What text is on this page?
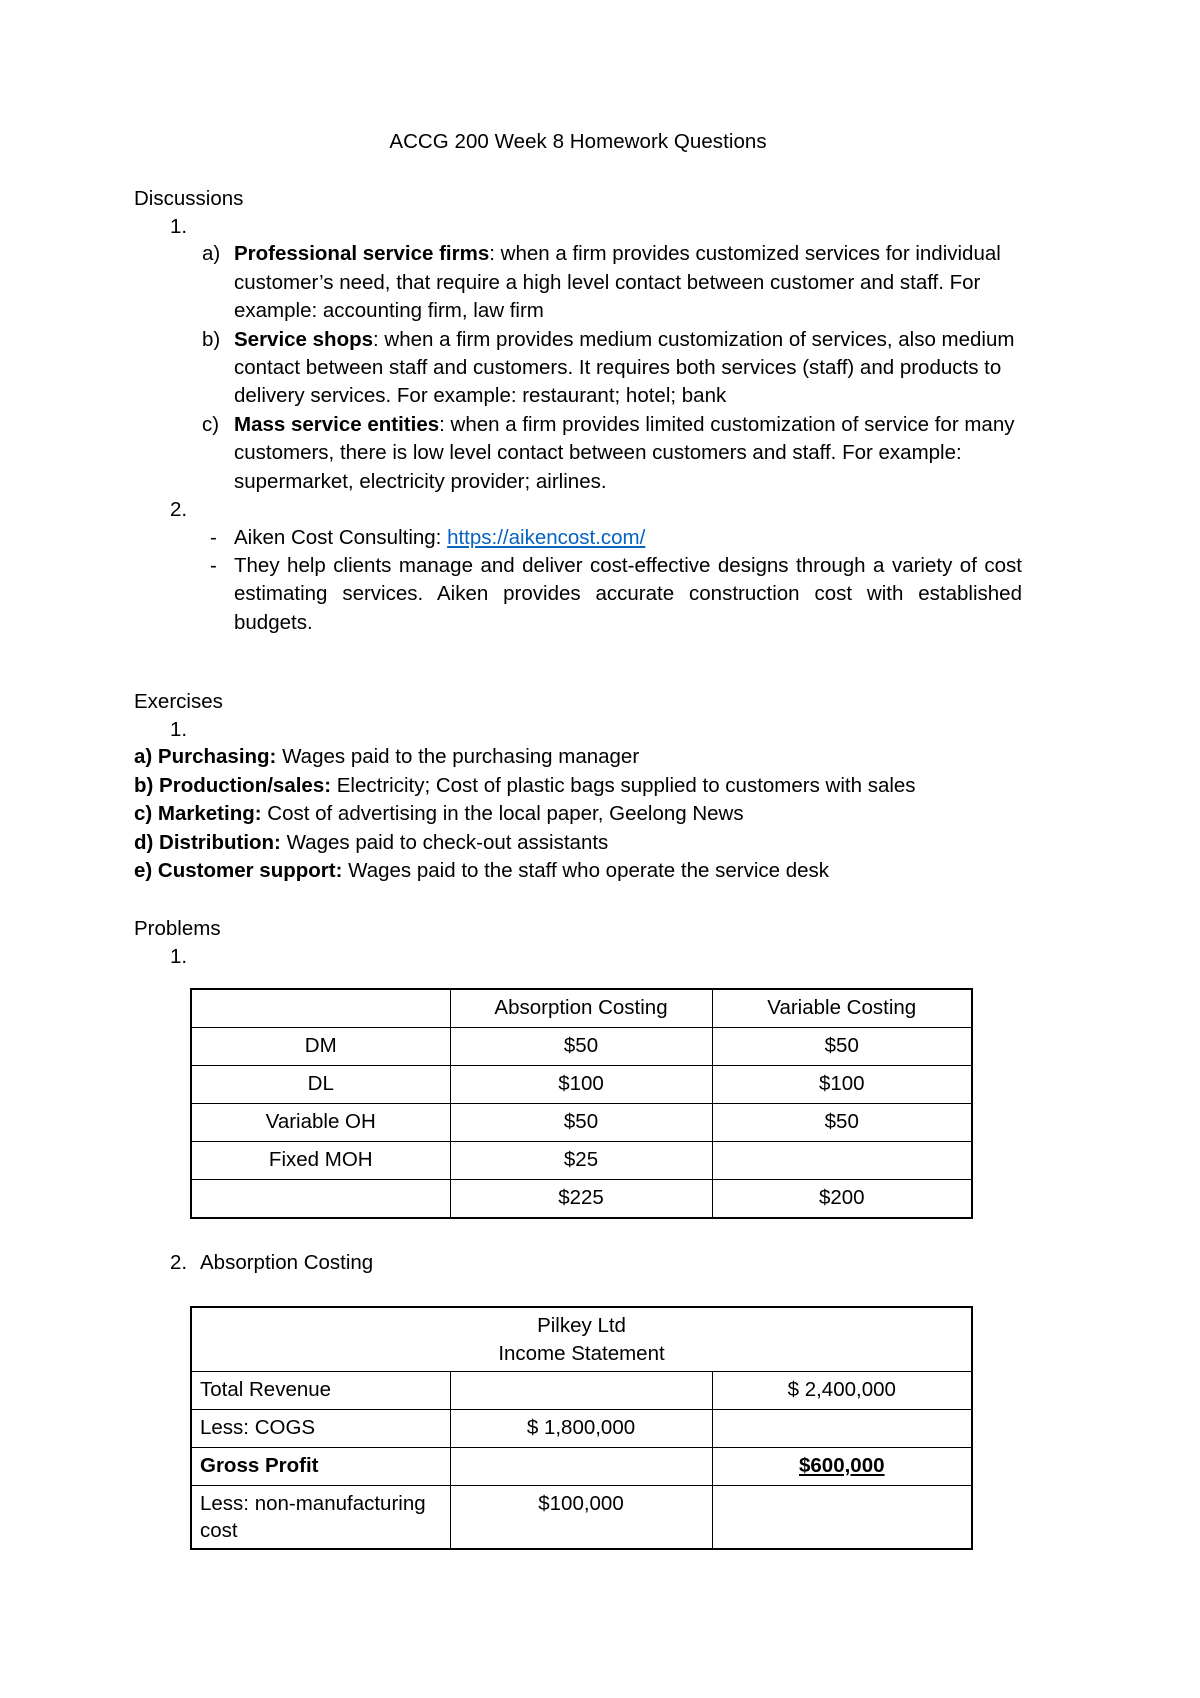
ACCG 200 Week 8 Homework Questions
Discussions
1.
a) Professional service firms: when a firm provides customized services for individual customer’s need, that require a high level contact between customer and staff. For example: accounting firm, law firm
b) Service shops: when a firm provides medium customization of services, also medium contact between staff and customers. It requires both services (staff) and products to delivery services. For example: restaurant; hotel; bank
c) Mass service entities: when a firm provides limited customization of service for many customers, there is low level contact between customers and staff. For example: supermarket, electricity provider; airlines.
2.
- Aiken Cost Consulting: https://aikencost.com/
- They help clients manage and deliver cost-effective designs through a variety of cost estimating services. Aiken provides accurate construction cost with established budgets.
Exercises
1.
a) Purchasing: Wages paid to the purchasing manager
b) Production/sales: Electricity; Cost of plastic bags supplied to customers with sales
c) Marketing: Cost of advertising in the local paper, Geelong News
d) Distribution: Wages paid to check-out assistants
e) Customer support: Wages paid to the staff who operate the service desk
Problems
1.
	Absorption Costing	Variable Costing
DM	$50	$50
DL	$100	$100
Variable OH	$50	$50
Fixed MOH	$25	
	$225	$200
2. Absorption Costing
Pilkey Ltd
Income Statement		

Total Revenue		$ 2,400,000
Less: COGS	$ 1,800,000	
Gross Profit		$600,000
Less: non-manufacturing cost	$100,000	
